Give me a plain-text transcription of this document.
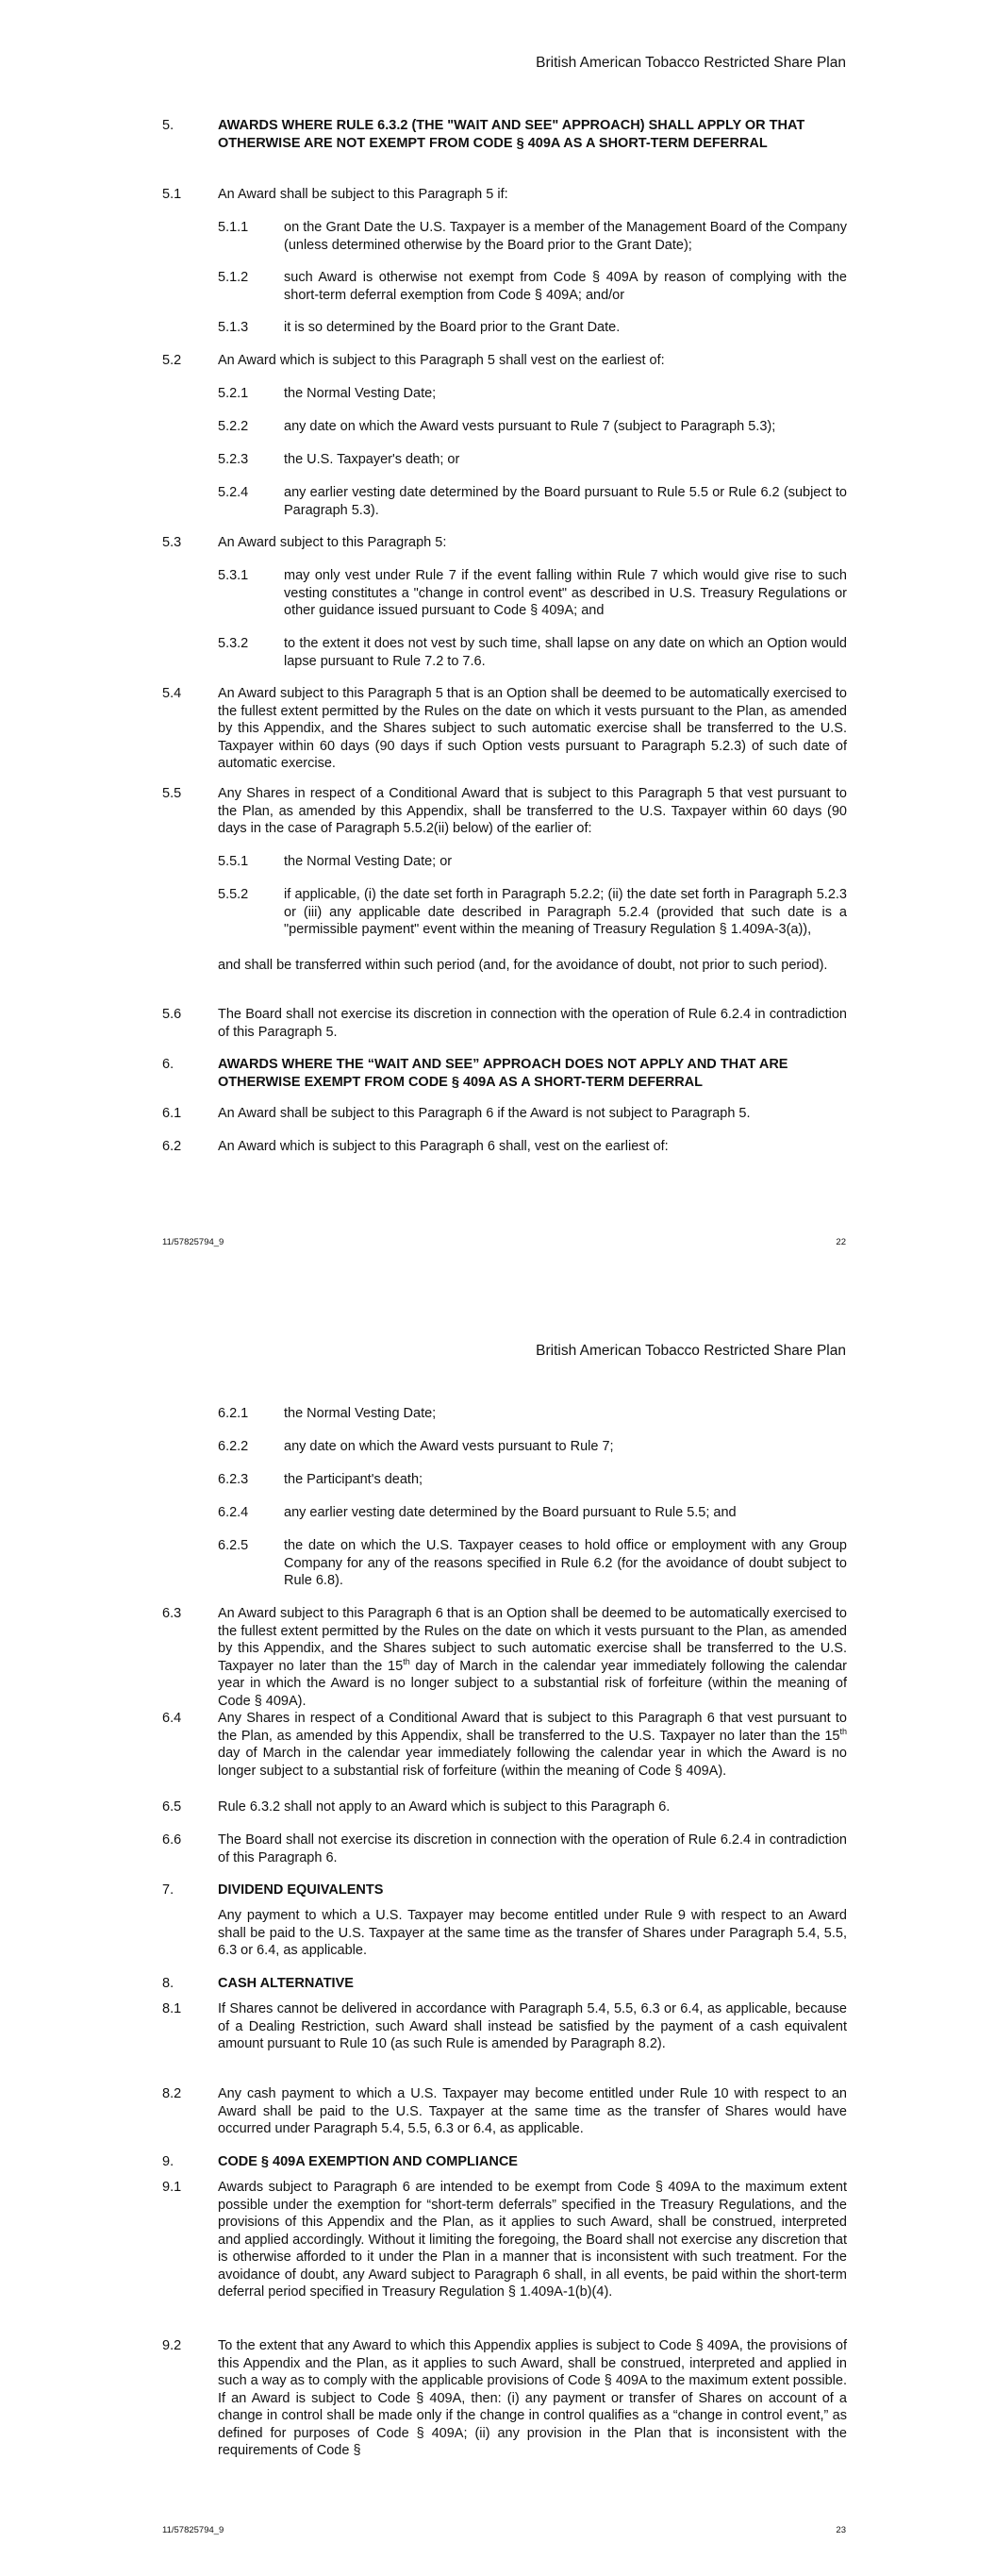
British American Tobacco Restricted Share Plan
5.	AWARDS WHERE RULE 6.3.2 (THE "WAIT AND SEE" APPROACH) SHALL APPLY OR THAT OTHERWISE ARE NOT EXEMPT FROM CODE § 409A AS A SHORT-TERM DEFERRAL
5.1	An Award shall be subject to this Paragraph 5 if:
5.1.1	on the Grant Date the U.S. Taxpayer is a member of the Management Board of the Company (unless determined otherwise by the Board prior to the Grant Date);
5.1.2	such Award is otherwise not exempt from Code § 409A by reason of complying with the short-term deferral exemption from Code § 409A; and/or
5.1.3	it is so determined by the Board prior to the Grant Date.
5.2	An Award which is subject to this Paragraph 5 shall vest on the earliest of:
5.2.1	the Normal Vesting Date;
5.2.2	any date on which the Award vests pursuant to Rule 7 (subject to Paragraph 5.3);
5.2.3	the U.S. Taxpayer's death; or
5.2.4	any earlier vesting date determined by the Board pursuant to Rule 5.5 or Rule 6.2 (subject to Paragraph 5.3).
5.3	An Award subject to this Paragraph 5:
5.3.1	may only vest under Rule 7 if the event falling within Rule 7 which would give rise to such vesting constitutes a "change in control event" as described in U.S. Treasury Regulations or other guidance issued pursuant to Code § 409A; and
5.3.2	to the extent it does not vest by such time, shall lapse on any date on which an Option would lapse pursuant to Rule 7.2 to 7.6.
5.4	An Award subject to this Paragraph 5 that is an Option shall be deemed to be automatically exercised to the fullest extent permitted by the Rules on the date on which it vests pursuant to the Plan, as amended by this Appendix, and the Shares subject to such automatic exercise shall be transferred to the U.S. Taxpayer within 60 days (90 days if such Option vests pursuant to Paragraph 5.2.3) of such date of automatic exercise.
5.5	Any Shares in respect of a Conditional Award that is subject to this Paragraph 5 that vest pursuant to the Plan, as amended by this Appendix, shall be transferred to the U.S. Taxpayer within 60 days (90 days in the case of Paragraph 5.5.2(ii) below) of the earlier of:
5.5.1	the Normal Vesting Date; or
5.5.2	if applicable, (i) the date set forth in Paragraph 5.2.2; (ii) the date set forth in Paragraph 5.2.3 or (iii) any applicable date described in Paragraph 5.2.4 (provided that such date is a "permissible payment" event within the meaning of Treasury Regulation § 1.409A-3(a)),
and shall be transferred within such period (and, for the avoidance of doubt, not prior to such period).
5.6	The Board shall not exercise its discretion in connection with the operation of Rule 6.2.4 in contradiction of this Paragraph 5.
6.	AWARDS WHERE THE “WAIT AND SEE” APPROACH DOES NOT APPLY AND THAT ARE OTHERWISE EXEMPT FROM CODE § 409A AS A SHORT-TERM DEFERRAL
6.1	An Award shall be subject to this Paragraph 6 if the Award is not subject to Paragraph 5.
6.2	An Award which is subject to this Paragraph 6 shall, vest on the earliest of:
11/57825794_9	22
British American Tobacco Restricted Share Plan
6.2.1	the Normal Vesting Date;
6.2.2	any date on which the Award vests pursuant to Rule 7;
6.2.3	the Participant's death;
6.2.4	any earlier vesting date determined by the Board pursuant to Rule 5.5; and
6.2.5	the date on which the U.S. Taxpayer ceases to hold office or employment with any Group Company for any of the reasons specified in Rule 6.2 (for the avoidance of doubt subject to Rule 6.8).
6.3	An Award subject to this Paragraph 6 that is an Option shall be deemed to be automatically exercised to the fullest extent permitted by the Rules on the date on which it vests pursuant to the Plan, as amended by this Appendix, and the Shares subject to such automatic exercise shall be transferred to the U.S. Taxpayer no later than the 15th day of March in the calendar year immediately following the calendar year in which the Award is no longer subject to a substantial risk of forfeiture (within the meaning of Code § 409A).
6.4	Any Shares in respect of a Conditional Award that is subject to this Paragraph 6 that vest pursuant to the Plan, as amended by this Appendix, shall be transferred to the U.S. Taxpayer no later than the 15th day of March in the calendar year immediately following the calendar year in which the Award is no longer subject to a substantial risk of forfeiture (within the meaning of Code § 409A).
6.5	Rule 6.3.2 shall not apply to an Award which is subject to this Paragraph 6.
6.6	The Board shall not exercise its discretion in connection with the operation of Rule 6.2.4 in contradiction of this Paragraph 6.
7.	DIVIDEND EQUIVALENTS
Any payment to which a U.S. Taxpayer may become entitled under Rule 9 with respect to an Award shall be paid to the U.S. Taxpayer at the same time as the transfer of Shares under Paragraph 5.4, 5.5, 6.3 or 6.4, as applicable.
8.	CASH ALTERNATIVE
8.1	If Shares cannot be delivered in accordance with Paragraph 5.4, 5.5, 6.3 or 6.4, as applicable, because of a Dealing Restriction, such Award shall instead be satisfied by the payment of a cash equivalent amount pursuant to Rule 10 (as such Rule is amended by Paragraph 8.2).
8.2	Any cash payment to which a U.S. Taxpayer may become entitled under Rule 10 with respect to an Award shall be paid to the U.S. Taxpayer at the same time as the transfer of Shares would have occurred under Paragraph 5.4, 5.5, 6.3 or 6.4, as applicable.
9.	CODE § 409A EXEMPTION AND COMPLIANCE
9.1	Awards subject to Paragraph 6 are intended to be exempt from Code § 409A to the maximum extent possible under the exemption for “short-term deferrals” specified in the Treasury Regulations, and the provisions of this Appendix and the Plan, as it applies to such Award, shall be construed, interpreted and applied accordingly. Without it limiting the foregoing, the Board shall not exercise any discretion that is otherwise afforded to it under the Plan in a manner that is inconsistent with such treatment. For the avoidance of doubt, any Award subject to Paragraph 6 shall, in all events, be paid within the short-term deferral period specified in Treasury Regulation § 1.409A-1(b)(4).
9.2	To the extent that any Award to which this Appendix applies is subject to Code § 409A, the provisions of this Appendix and the Plan, as it applies to such Award, shall be construed, interpreted and applied in such a way as to comply with the applicable provisions of Code § 409A to the maximum extent possible. If an Award is subject to Code § 409A, then: (i) any payment or transfer of Shares on account of a change in control shall be made only if the change in control qualifies as a “change in control event,” as defined for purposes of Code § 409A; (ii) any provision in the Plan that is inconsistent with the requirements of Code §
11/57825794_9	23
